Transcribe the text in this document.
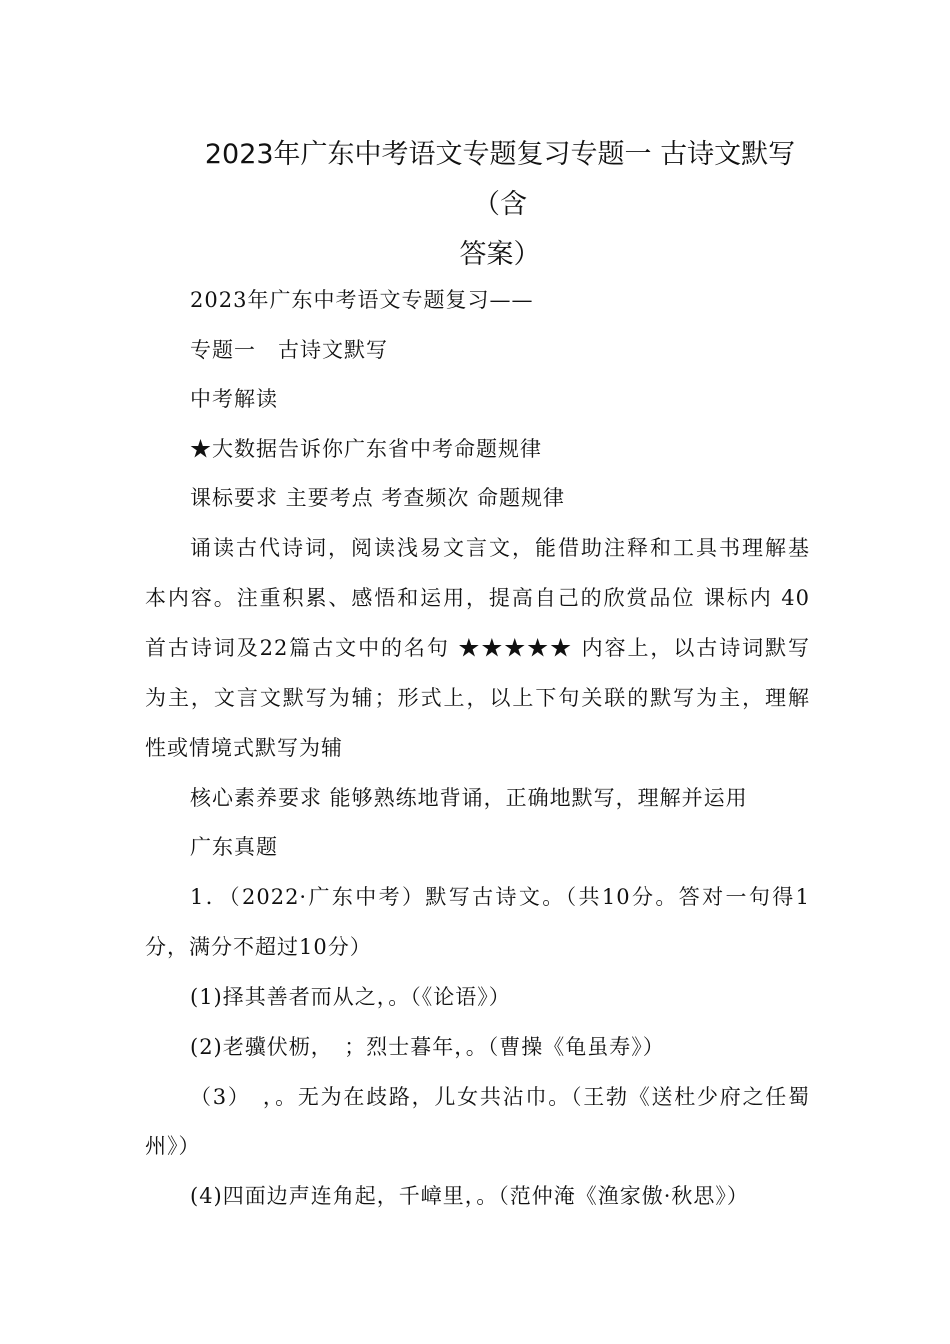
2023年广东中考语文专题复习专题一 古诗文默写（含
答案）
2023年广东中考语文专题复习——
专题一　古诗文默写
中考解读
★大数据告诉你广东省中考命题规律
课标要求 主要考点 考查频次 命题规律
诵读古代诗词，阅读浅易文言文，能借助注释和工具书理解基
本内容。注重积累、感悟和运用，提高自己的欣赏品位 课标内 40
首古诗词及22篇古文中的名句 ★★★★★ 内容上，以古诗词默写
为主，文言文默写为辅；形式上，以上下句关联的默写为主，理解
性或情境式默写为辅
核心素养要求 能够熟练地背诵，正确地默写，理解并运用
广东真题
1．（2022·广东中考）默写古诗文。（共10分。答对一句得1
分，满分不超过10分）
(1)择其善者而从之，。（《论语》）
(2)老骥伏枥，　；烈士暮年，。（曹操《龟虽寿》）
（3）　，。无为在歧路，儿女共沾巾。（王勃《送杜少府之任蜀
州》）
(4)四面边声连角起，千嶂里，。（范仲淹《渔家傲·秋思》）
